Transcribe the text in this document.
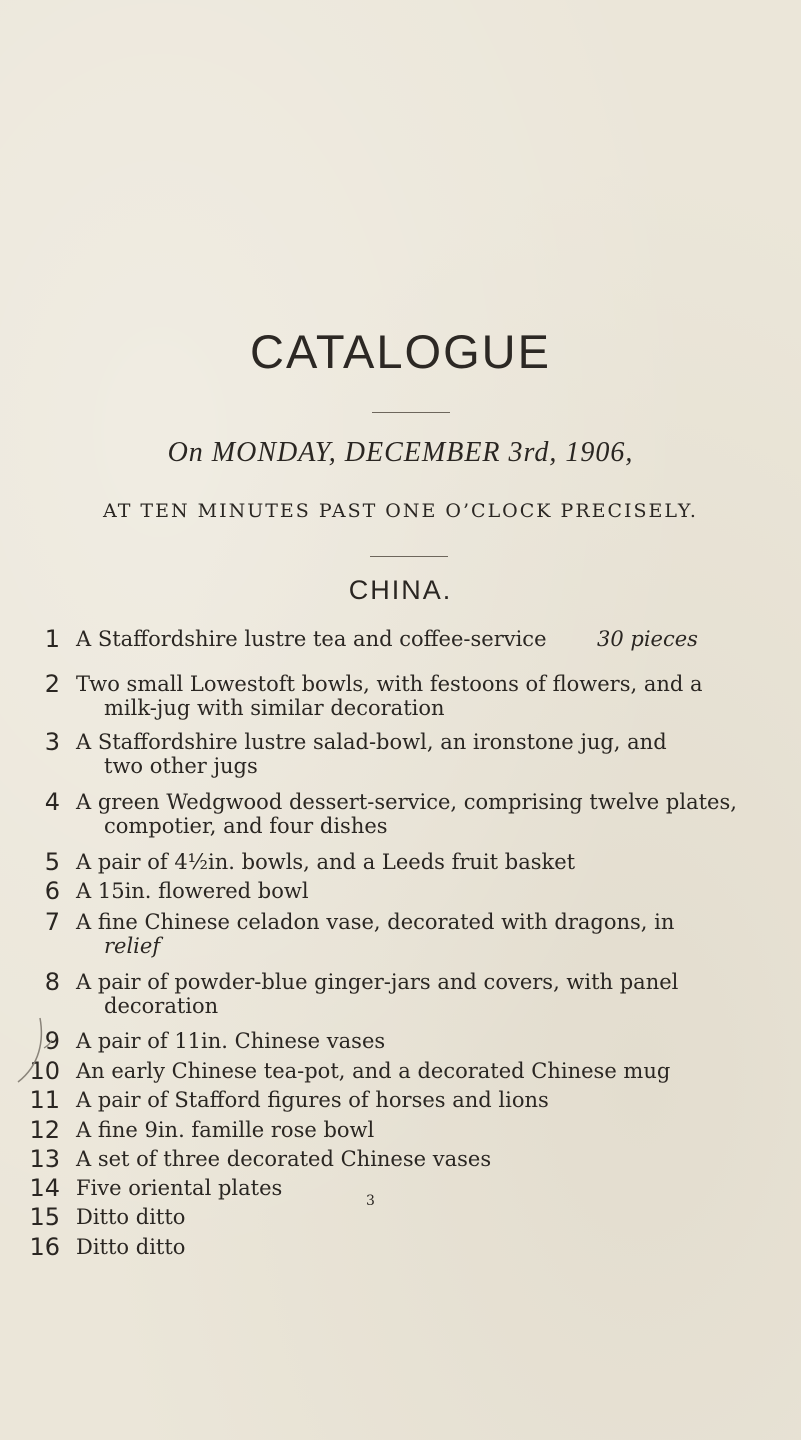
CATALOGUE
On MONDAY, DECEMBER 3rd, 1906,
AT TEN MINUTES PAST ONE O’CLOCK PRECISELY.
CHINA.
1 A Staffordshire lustre tea and coffee-service	30 pieces
2 Two small Lowestoft bowls, with festoons of flowers, and a
milk-jug with similar decoration
3 A Staffordshire lustre salad-bowl, an ironstone jug, and
two other jugs
4 A green Wedgwood dessert-service, comprising twelve plates,
compotier, and four dishes
5 A pair of 4½in. bowls, and a Leeds fruit basket
6 A 15in. flowered bowl
7 A fine Chinese celadon vase, decorated with dragons, in
relief
8 A pair of powder-blue ginger-jars and covers, with panel
decoration
9 A pair of 11in. Chinese vases
10 An early Chinese tea-pot, and a decorated Chinese mug
11 A pair of Stafford figures of horses and lions
12 A fine 9in. famille rose bowl
13 A set of three decorated Chinese vases
14 Five oriental plates
15 Ditto ditto
16 Ditto ditto
3
